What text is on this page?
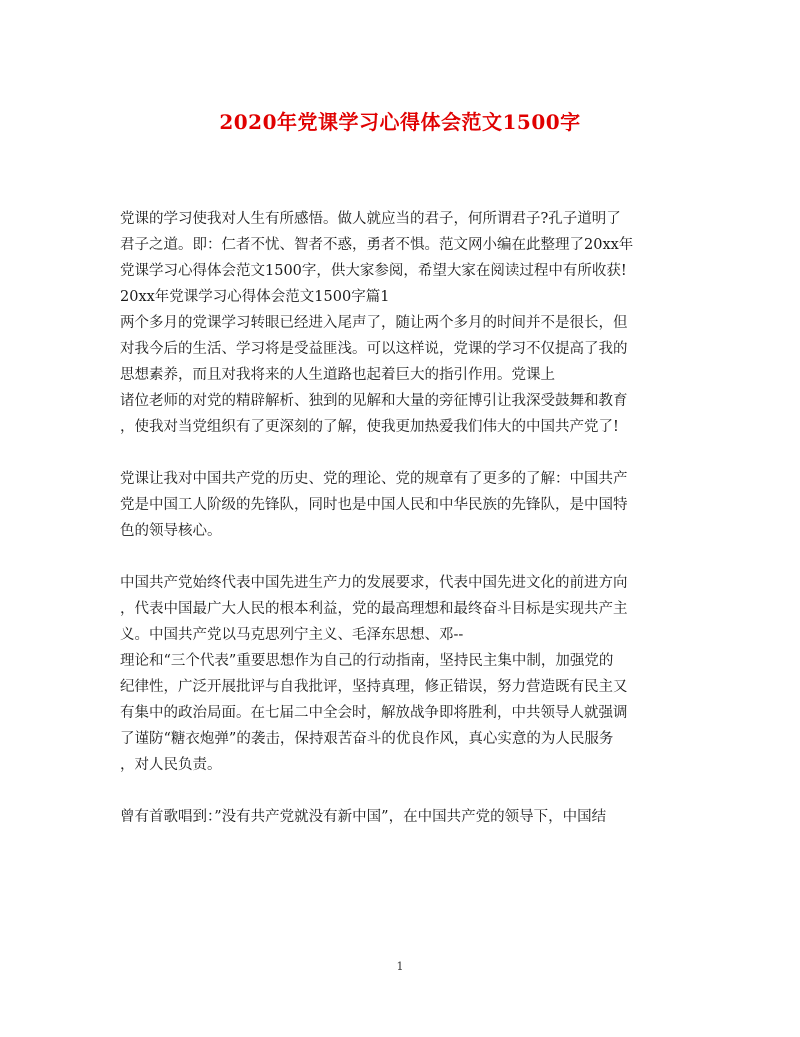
2020年党课学习心得体会范文1500字

党课的学习使我对人生有所感悟。做人就应当的君子，何所谓君子?孔子道明了
君子之道。即：仁者不忧、智者不惑，勇者不惧。范文网小编在此整理了20xx年
党课学习心得体会范文1500字，供大家参阅，希望大家在阅读过程中有所收获!
20xx年党课学习心得体会范文1500字篇1
两个多月的党课学习转眼已经进入尾声了，随让两个多月的时间并不是很长，但
对我今后的生活、学习将是受益匪浅。可以这样说，党课的学习不仅提高了我的
思想素养，而且对我将来的人生道路也起着巨大的指引作用。党课上
诸位老师的对党的精辟解析、独到的见解和大量的旁征博引让我深受鼓舞和教育
，使我对当党组织有了更深刻的了解，使我更加热爱我们伟大的中国共产党了!

党课让我对中国共产党的历史、党的理论、党的规章有了更多的了解：中国共产
党是中国工人阶级的先锋队，同时也是中国人民和中华民族的先锋队，是中国特
色的领导核心。

中国共产党始终代表中国先进生产力的发展要求，代表中国先进文化的前进方向
，代表中国最广大人民的根本利益，党的最高理想和最终奋斗目标是实现共产主
义。中国共产党以马克思列宁主义、毛泽东思想、邓--
理论和“三个代表”重要思想作为自己的行动指南，坚持民主集中制，加强党的
纪律性，广泛开展批评与自我批评，坚持真理，修正错误，努力营造既有民主又
有集中的政治局面。在七届二中全会时，解放战争即将胜利，中共领导人就强调
了谨防“糖衣炮弹”的袭击，保持艰苦奋斗的优良作风，真心实意的为人民服务
，对人民负责。

曾有首歌唱到：”没有共产党就没有新中国”，在中国共产党的领导下，中国结

1
